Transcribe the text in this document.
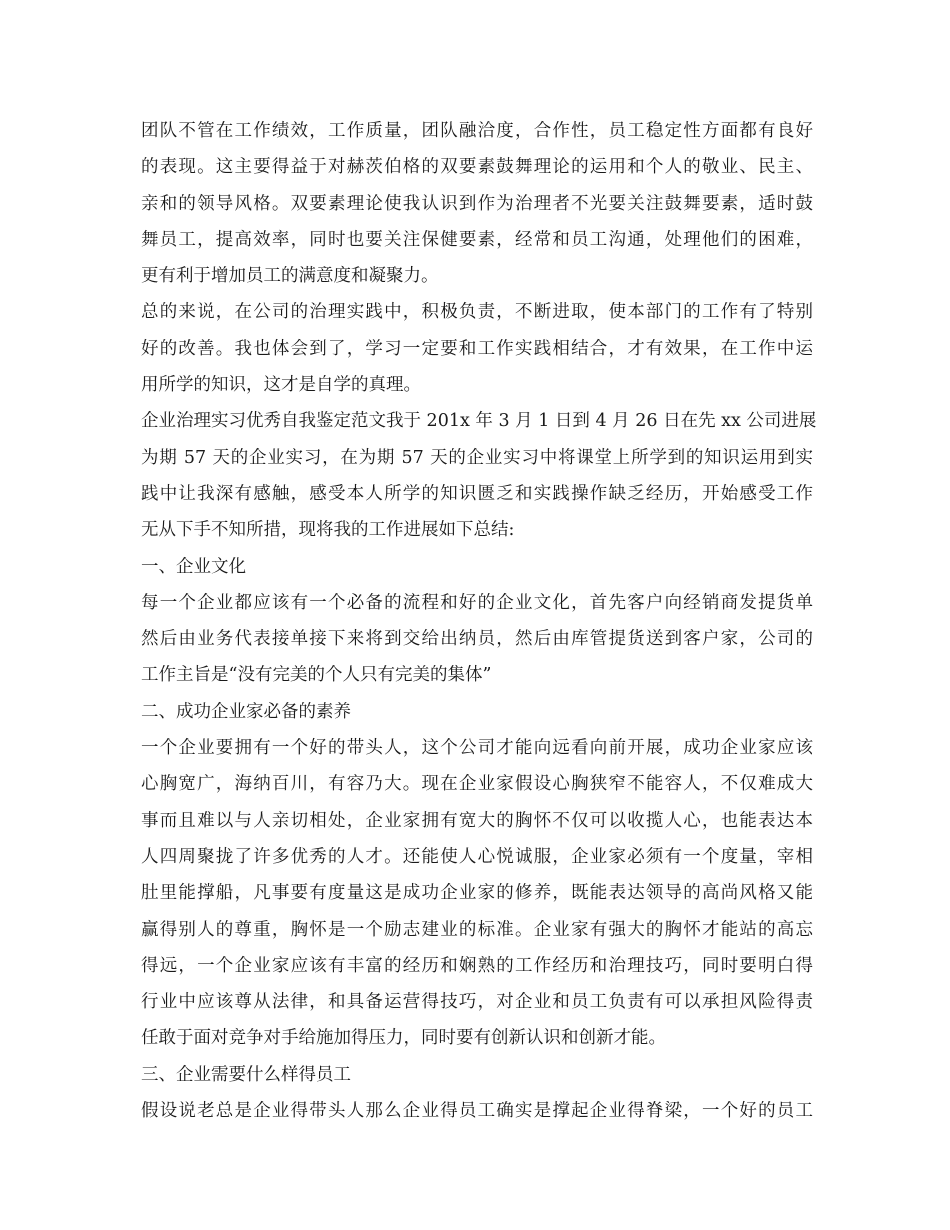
团队不管在工作绩效，工作质量，团队融洽度，合作性，员工稳定性方面都有良好
的表现。这主要得益于对赫茨伯格的双要素鼓舞理论的运用和个人的敬业、民主、
亲和的领导风格。双要素理论使我认识到作为治理者不光要关注鼓舞要素，适时鼓
舞员工，提高效率，同时也要关注保健要素，经常和员工沟通，处理他们的困难，
更有利于增加员工的满意度和凝聚力。
总的来说，在公司的治理实践中，积极负责，不断进取，使本部门的工作有了特别
好的改善。我也体会到了，学习一定要和工作实践相结合，才有效果，在工作中运
用所学的知识，这才是自学的真理。
企业治理实习优秀自我鉴定范文我于 201x 年 3 月 1 日到 4 月 26 日在先 xx 公司进展
为期 57 天的企业实习，在为期 57 天的企业实习中将课堂上所学到的知识运用到实
践中让我深有感触，感受本人所学的知识匮乏和实践操作缺乏经历，开始感受工作
无从下手不知所措，现将我的工作进展如下总结:
一、企业文化
每一个企业都应该有一个必备的流程和好的企业文化，首先客户向经销商发提货单
然后由业务代表接单接下来将到交给出纳员，然后由库管提货送到客户家，公司的
工作主旨是“没有完美的个人只有完美的集体”
二、成功企业家必备的素养
一个企业要拥有一个好的带头人，这个公司才能向远看向前开展，成功企业家应该
心胸宽广，海纳百川，有容乃大。现在企业家假设心胸狭窄不能容人，不仅难成大
事而且难以与人亲切相处，企业家拥有宽大的胸怀不仅可以收揽人心，也能表达本
人四周聚拢了许多优秀的人才。还能使人心悦诚服，企业家必须有一个度量，宰相
肚里能撑船，凡事要有度量这是成功企业家的修养，既能表达领导的高尚风格又能
赢得别人的尊重，胸怀是一个励志建业的标准。企业家有强大的胸怀才能站的高忘
得远，一个企业家应该有丰富的经历和娴熟的工作经历和治理技巧，同时要明白得
行业中应该尊从法律，和具备运营得技巧，对企业和员工负责有可以承担风险得责
任敢于面对竞争对手给施加得压力，同时要有创新认识和创新才能。
三、企业需要什么样得员工
假设说老总是企业得带头人那么企业得员工确实是撑起企业得脊梁，一个好的员工
